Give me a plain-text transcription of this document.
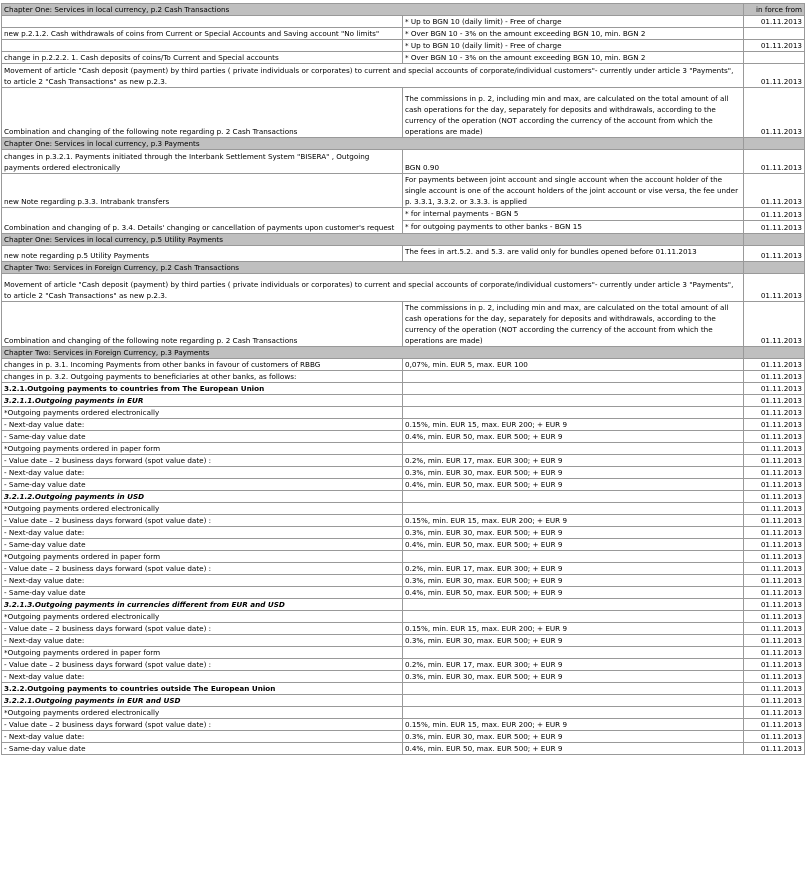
Chapter One: Services in local currency, p.2 Cash Transactions		in force from
	* Up to BGN 10 (daily limit) - Free of charge	01.11.2013
new p.2.1.2. Cash withdrawals of coins from Current or Special Accounts and Saving account "No limits"	* Over BGN 10 - 3% on the amount exceeding BGN 10, min. BGN 2	
	* Up to BGN 10 (daily limit) - Free of charge	01.11.2013
change in p.2.2.2. 1. Cash deposits of coins/To Current and Special accounts	* Over BGN 10 - 3% on the amount exceeding BGN 10, min. BGN 2	
Movement of article "Cash deposit (payment) by third parties ( private individuals or corporates) to current and special accounts of corporate/individual customers"- currently under article 3 "Payments", to article 2 "Cash Transactions" as new p.2.3.		01.11.2013
Combination and changing of the following note regarding p. 2 Cash Transactions	The commissions in p. 2, including min and max, are calculated on the total amount of all cash operations for the day, separately for deposits and withdrawals, according to the currency of the operation (NOT according the currency of the account from which the operations are made)	01.11.2013
Chapter One: Services in local currency, p.3 Payments		
changes in p.3.2.1. Payments initiated through the Interbank Settlement System "BISERA" , Outgoing payments ordered electronically	BGN 0.90	01.11.2013
new Note regarding p.3.3. Intrabank transfers	For payments between joint account and single account when the account holder of the single account is one of the account holders of the joint account or vise versa, the fee under p. 3.3.1, 3.3.2. or 3.3.3. is applied	01.11.2013
Combination and changing of p. 3.4. Details' changing or cancellation of payments upon customer's request	* for internal payments - BGN 5	01.11.2013
	* for outgoing payments to other banks - BGN 15	01.11.2013
Chapter One: Services in local currency, p.5 Utility Payments		
new note regarding p.5 Utility Payments	The fees in art.5.2. and 5.3. are valid only for bundles opened before 01.11.2013	01.11.2013
Chapter Two: Services in Foreign Currency, p.2 Cash Transactions		
Movement of article "Cash deposit (payment) by third parties ( private individuals or corporates) to current and special accounts of corporate/individual customers"- currently under article 3 "Payments", to article 2 "Cash Transactions" as new p.2.3.		01.11.2013
Combination and changing of the following note regarding p. 2 Cash Transactions	The commissions in p. 2, including min and max, are calculated on the total amount of all cash operations for the day, separately for deposits and withdrawals, according to the currency of the operation (NOT according the currency of the account from which the operations are made)	01.11.2013
Chapter Two: Services in Foreign Currency, p.3 Payments		
changes in p. 3.1. Incoming Payments from other banks in favour of customers of RBBG	0,07%, min. EUR 5, max. EUR 100	01.11.2013
changes in p. 3.2. Outgoing payments to beneficiaries at other banks, as follows:		01.11.2013
3.2.1.Outgoing payments to countries from The European Union		01.11.2013
3.2.1.1.Outgoing payments in EUR		01.11.2013
*Outgoing payments ordered electronically		01.11.2013
- Next-day value date:	0.15%, min. EUR 15, max. EUR 200; + EUR 9	01.11.2013
- Same-day value date	0.4%, min. EUR 50, max. EUR 500; + EUR 9	01.11.2013
*Outgoing payments ordered in paper form		01.11.2013
- Value date – 2 business days forward (spot value date) :	0.2%, min. EUR 17, max. EUR 300; + EUR 9	01.11.2013
- Next-day value date:	0.3%, min. EUR 30, max. EUR 500; + EUR 9	01.11.2013
- Same-day value date	0.4%, min. EUR 50, max. EUR 500; + EUR 9	01.11.2013
3.2.1.2.Outgoing payments in USD		01.11.2013
*Outgoing payments ordered electronically		01.11.2013
- Value date – 2 business days forward (spot value date) :	0.15%, min. EUR 15, max. EUR 200; + EUR 9	01.11.2013
- Next-day value date:	0.3%, min. EUR 30, max. EUR 500; + EUR 9	01.11.2013
- Same-day value date	0.4%, min. EUR 50, max. EUR 500; + EUR 9	01.11.2013
*Outgoing payments ordered in paper form		01.11.2013
- Value date – 2 business days forward (spot value date) :	0.2%, min. EUR 17, max. EUR 300; + EUR 9	01.11.2013
- Next-day value date:	0.3%, min. EUR 30, max. EUR 500; + EUR 9	01.11.2013
- Same-day value date	0.4%, min. EUR 50, max. EUR 500; + EUR 9	01.11.2013
3.2.1.3.Outgoing payments in currencies different from EUR and USD		01.11.2013
*Outgoing payments ordered electronically		01.11.2013
- Value date – 2 business days forward (spot value date) :	0.15%, min. EUR 15, max. EUR 200; + EUR 9	01.11.2013
- Next-day value date:	0.3%, min. EUR 30, max. EUR 500; + EUR 9	01.11.2013
*Outgoing payments ordered in paper form		01.11.2013
- Value date – 2 business days forward (spot value date) :	0.2%, min. EUR 17, max. EUR 300; + EUR 9	01.11.2013
- Next-day value date:	0.3%, min. EUR 30, max. EUR 500; + EUR 9	01.11.2013
3.2.2.Outgoing payments to countries outside The European Union		01.11.2013
3.2.2.1.Outgoing payments in EUR and USD		01.11.2013
*Outgoing payments ordered electronically		01.11.2013
- Value date – 2 business days forward (spot value date) :	0.15%, min. EUR 15, max. EUR 200; + EUR 9	01.11.2013
- Next-day value date:	0.3%, min. EUR 30, max. EUR 500; + EUR 9	01.11.2013
- Same-day value date	0.4%, min. EUR 50, max. EUR 500; + EUR 9	01.11.2013
